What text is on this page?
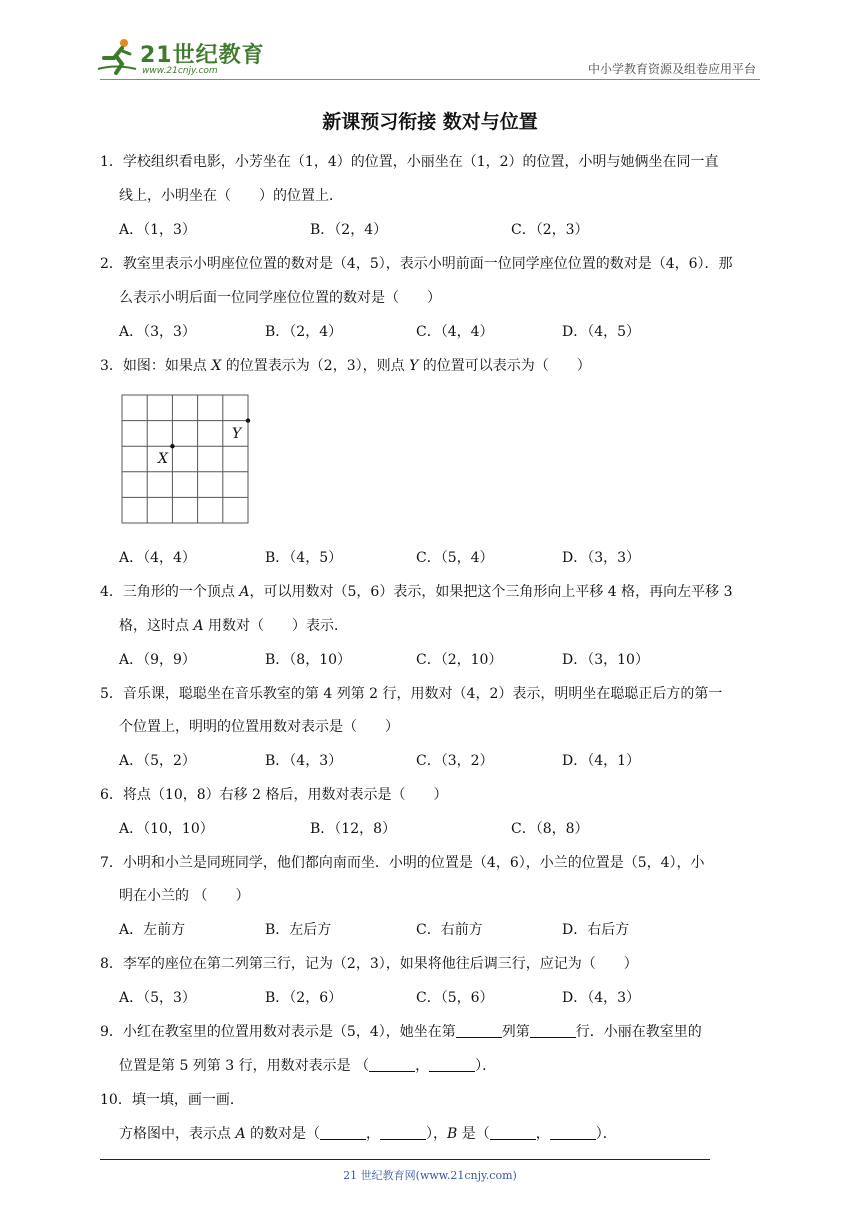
21世纪教育
www.21cnjy.com	中小学教育资源及组卷应用平台
新课预习衔接 数对与位置
1．学校组织看电影，小芳坐在（1，4）的位置，小丽坐在（1，2）的位置，小明与她俩坐在同一直
线上，小明坐在（　　）的位置上．
A．（1，3）	B．（2，4）	C．（2，3）
2．教室里表示小明座位位置的数对是（4，5），表示小明前面一位同学座位位置的数对是（4，6）．那
么表示小明后面一位同学座位位置的数对是（　　）
A．（3，3）	B．（2，4）	C．（4，4）	D．（4，5）
3．如图：如果点 X 的位置表示为（2，3），则点 Y 的位置可以表示为（　　）
X
Y
A．（4，4）	B．（4，5）	C．（5，4）	D．（3，3）
4．三角形的一个顶点 A，可以用数对（5，6）表示，如果把这个三角形向上平移 4 格，再向左平移 3
格，这时点 A 用数对（　　）表示．
A．（9，9）	B．（8，10）	C．（2，10）	D．（3，10）
5．音乐课，聪聪坐在音乐教室的第 4 列第 2 行，用数对（4，2）表示，明明坐在聪聪正后方的第一
个位置上，明明的位置用数对表示是（　　）
A．（5，2）	B．（4，3）	C．（3，2）	D．（4，1）
6．将点（10，8）右移 2 格后，用数对表示是（　　）
A．（10，10）	B．（12，8）	C．（8，8）
7．小明和小兰是同班同学，他们都向南而坐．小明的位置是（4，6），小兰的位置是（5，4），小
明在小兰的 （　　）
A．左前方	B．左后方	C．右前方	D．右后方
8．李军的座位在第二列第三行，记为（2，3），如果将他往后调三行，应记为（　　）
A．（5，3）	B．（2，6）	C．（5，6）	D．（4，3）
9．小红在教室里的位置用数对表示是（5，4），她坐在第	列第	行．小丽在教室里的
位置是第 5 列第 3 行，用数对表示是 （	，	）．
10．填一填，画一画．
方格图中，表示点 A 的数对是（	，	），B 是（	，	）．
21 世纪教育网(www.21cnjy.com)
